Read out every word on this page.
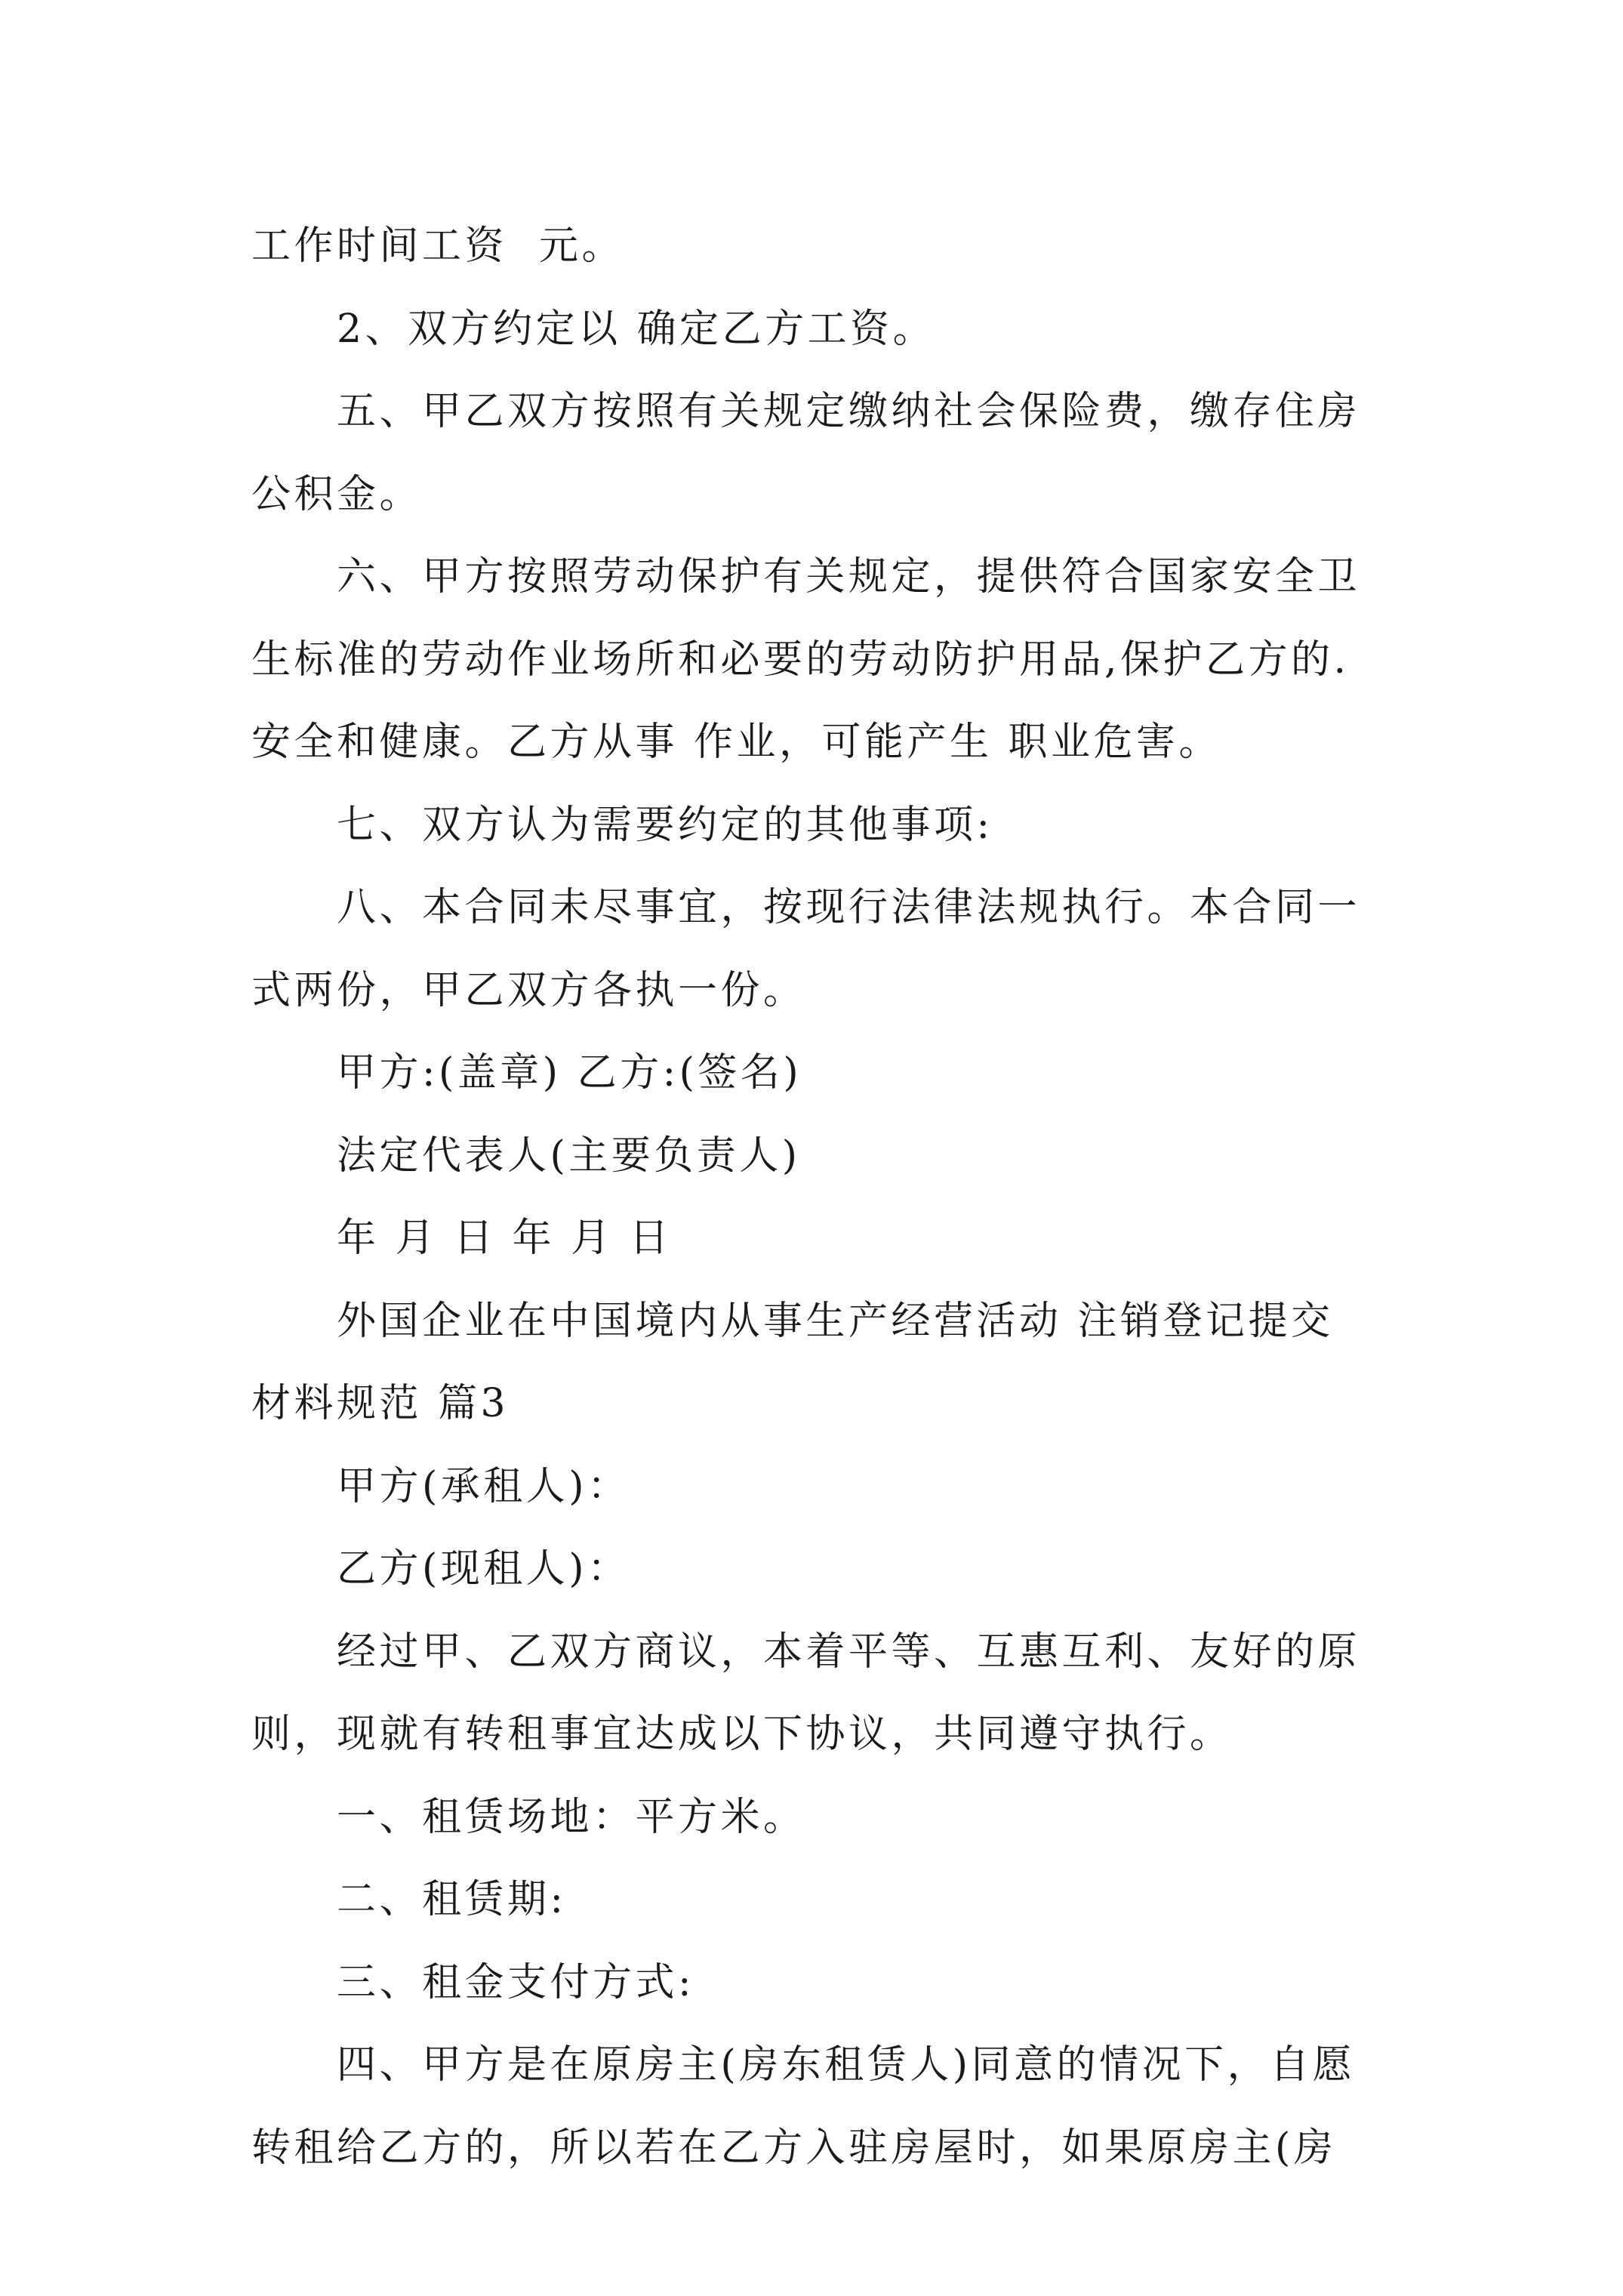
工作时间工资  元。
2、双方约定以 确定乙方工资。
五、甲乙双方按照有关规定缴纳社会保险费，缴存住房
公积金。
六、甲方按照劳动保护有关规定，提供符合国家安全卫
生标准的劳动作业场所和必要的劳动防护用品,保护乙方的.
安全和健康。乙方从事 作业，可能产生 职业危害。
七、双方认为需要约定的其他事项:
八、本合同未尽事宜，按现行法律法规执行。本合同一
式两份，甲乙双方各执一份。
甲方:(盖章) 乙方:(签名)
法定代表人(主要负责人)
年 月 日 年 月 日
外国企业在中国境内从事生产经营活动 注销登记提交
材料规范 篇3
甲方(承租人)：
乙方(现租人)：
经过甲、乙双方商议，本着平等、互惠互利、友好的原
则，现就有转租事宜达成以下协议，共同遵守执行。
一、租赁场地：平方米。
二、租赁期:
三、租金支付方式:
四、甲方是在原房主(房东租赁人)同意的情况下，自愿
转租给乙方的，所以若在乙方入驻房屋时，如果原房主(房
